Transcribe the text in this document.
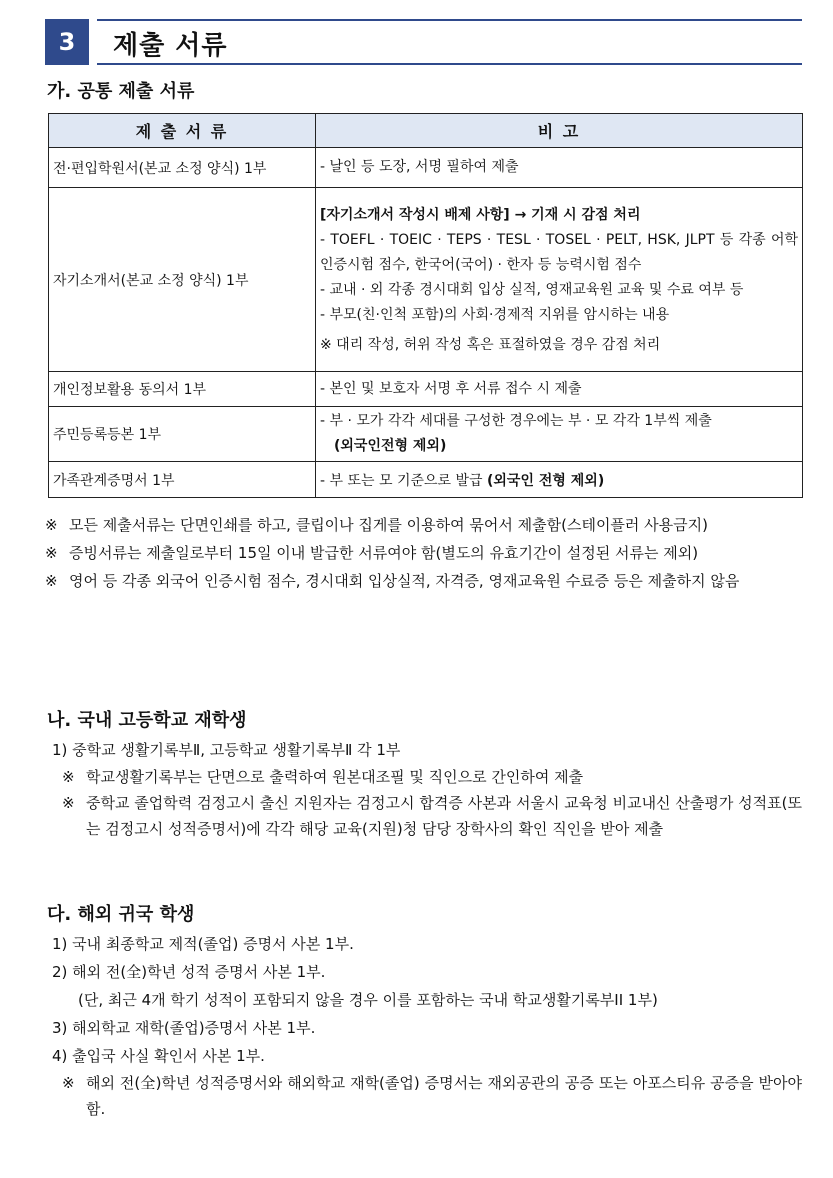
3	제출 서류
가. 공통 제출 서류
제 출 서 류	비 고
전·편입학원서(본교 소정 양식) 1부	- 날인 등 도장, 서명 필하여 제출

자기소개서(본교 소정 양식) 1부	[자기소개서 작성시 배제 사항] → 기재 시 감점 처리
- TOEFL · TOEIC · TEPS · TESL · TOSEL · PELT, HSK, JLPT 등 각종 어학인증시험 점수, 한국어(국어) · 한자 등 능력시험 점수
- 교내 · 외 각종 경시대회 입상 실적, 영재교육원 교육 및 수료 여부 등
- 부모(친·인척 포함)의 사회·경제적 지위를 암시하는 내용
※ 대리 작성, 허위 작성 혹은 표절하였을 경우 감점 처리

개인정보활용 동의서 1부	- 본인 및 보호자 서명 후 서류 접수 시 제출

주민등록등본 1부	- 부 · 모가 각각 세대를 구성한 경우에는 부 · 모 각각 1부씩 제출
(외국인전형 제외)

가족관계증명서 1부	- 부 또는 모 기준으로 발급 (외국인 전형 제외)
※ 모든 제출서류는 단면인쇄를 하고, 클립이나 집게를 이용하여 묶어서 제출함(스테이플러 사용금지)
※ 증빙서류는 제출일로부터 15일 이내 발급한 서류여야 함(별도의 유효기간이 설정된 서류는 제외)
※ 영어 등 각종 외국어 인증시험 점수, 경시대회 입상실적, 자격증, 영재교육원 수료증 등은 제출하지 않음
나. 국내 고등학교 재학생
1) 중학교 생활기록부Ⅱ, 고등학교 생활기록부Ⅱ 각 1부
※ 학교생활기록부는 단면으로 출력하여 원본대조필 및 직인으로 간인하여 제출
※ 중학교 졸업학력 검정고시 출신 지원자는 검정고시 합격증 사본과 서울시 교육청 비교내신 산출평가 성적표(또는 검정고시 성적증명서)에 각각 해당 교육(지원)청 담당 장학사의 확인 직인을 받아 제출
다. 해외 귀국 학생
1) 국내 최종학교 제적(졸업) 증명서 사본 1부.
2) 해외 전(全)학년 성적 증명서 사본 1부.
(단, 최근 4개 학기 성적이 포함되지 않을 경우 이를 포함하는 국내 학교생활기록부II 1부)
3) 해외학교 재학(졸업)증명서 사본 1부.
4) 출입국 사실 확인서 사본 1부.
※ 해외 전(全)학년 성적증명서와 해외학교 재학(졸업) 증명서는 재외공관의 공증 또는 아포스티유 공증을 받아야 함.
